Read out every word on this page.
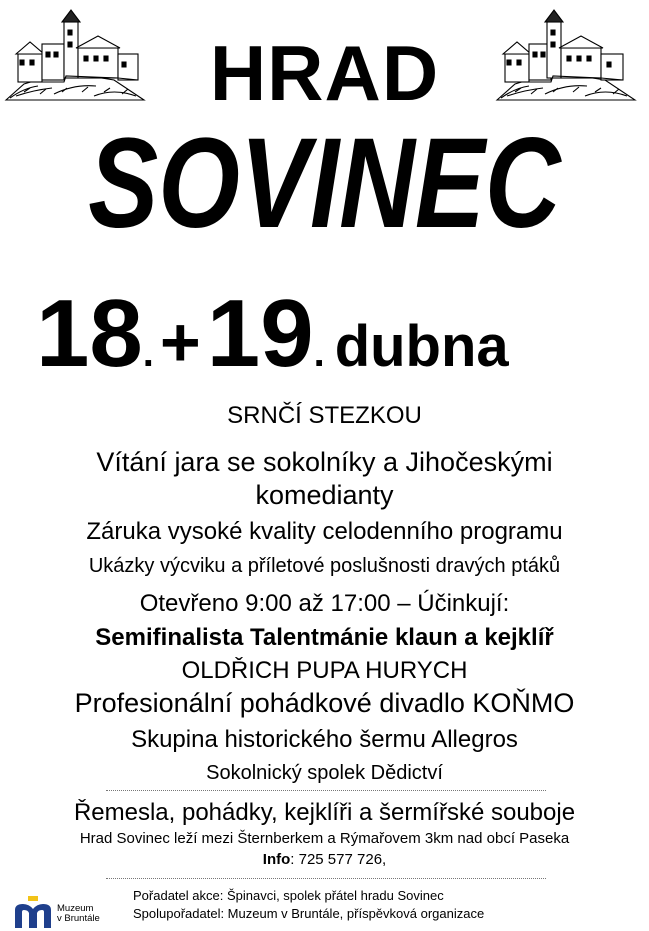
HRAD
SOVINEC
18.+19. dubna
SRNČÍ STEZKOU
Vítání jara se sokolníky a Jihočeskými
komedianty
Záruka vysoké kvality celodenního programu
Ukázky výcviku a příletové poslušnosti dravých ptáků
Otevřeno 9:00 až 17:00 – Účinkují:
Semifinalista Talentmánie klaun a kejklíř
OLDŘICH PUPA HURYCH
Profesionální pohádkové divadlo KOŇMO
Skupina historického šermu Allegros
Sokolnický spolek Dědictví
Řemesla, pohádky, kejklíři a šermířské souboje
Hrad Sovinec leží mezi Šternberkem a Rýmařovem 3km nad obcí Paseka
Info: 725 577 726,
Muzeum
v Bruntále
Pořadatel akce: Špinavci, spolek přátel hradu Sovinec
Spolupořadatel: Muzeum v Bruntále, příspěvková organizace
